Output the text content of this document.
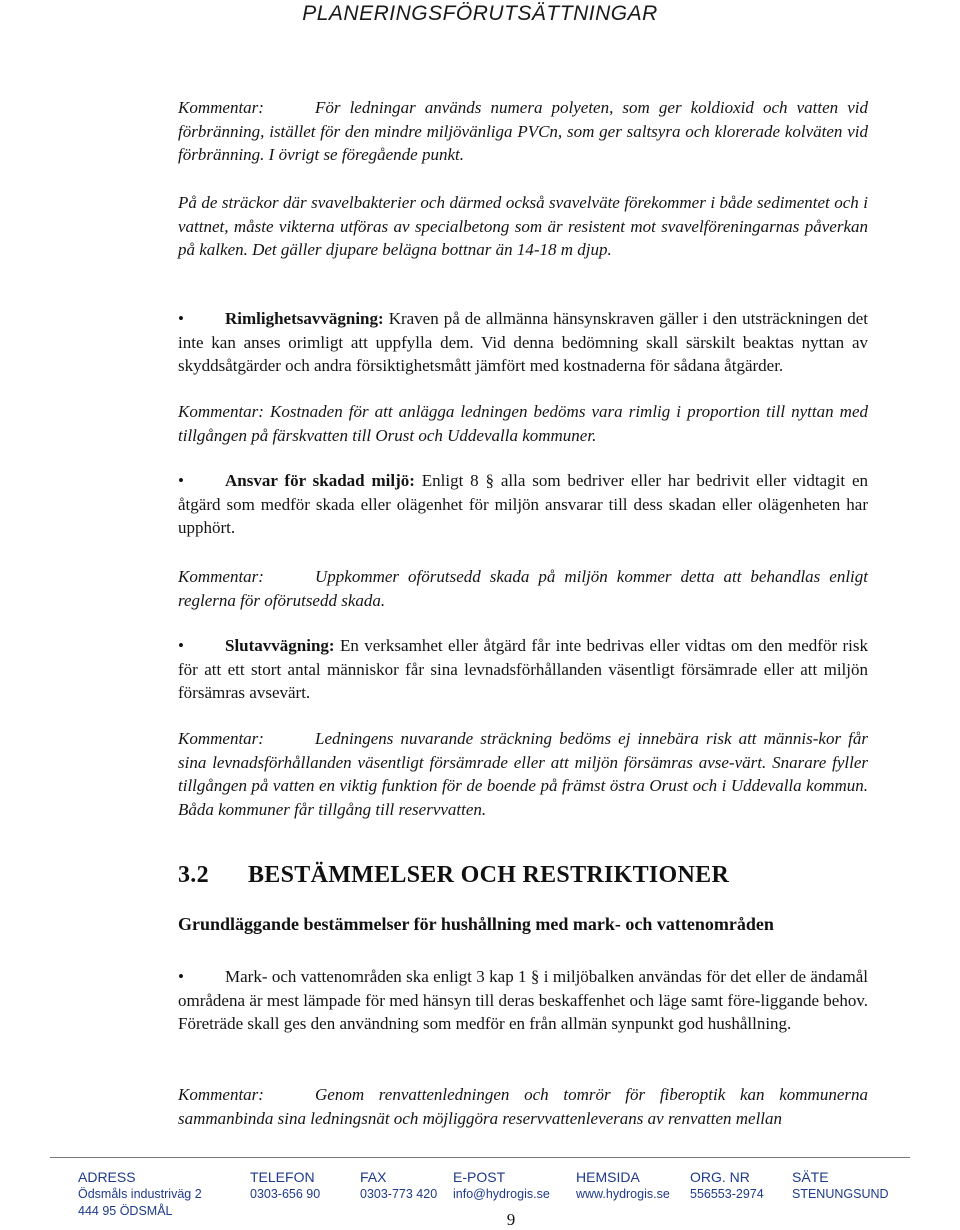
PLANERINGSFÖRUTSÄTTNINGAR

Kommentar:	För ledningar används numera polyeten, som ger koldioxid och vatten vid förbränning, istället för den mindre miljövänliga PVCn, som ger saltsyra och klorerade kolväten vid förbränning. I övrigt se föregående punkt.

På de sträckor där svavelbakterier och därmed också svavelväte förekommer i både sedimentet och i vattnet, måste vikterna utföras av specialbetong som är resistent mot svavelföreningarnas påverkan på kalken. Det gäller djupare belägna bottnar än 14-18 m djup.

• Rimlighetsavvägning: Kraven på de allmänna hänsynskraven gäller i den utsträckningen det inte kan anses orimligt att uppfylla dem. Vid denna bedömning skall särskilt beaktas nyttan av skyddsåtgärder och andra försiktighetsmått jämfört med kostnaderna för sådana åtgärder.

Kommentar: Kostnaden för att anlägga ledningen bedöms vara rimlig i proportion till nyttan med tillgången på färskvatten till Orust och Uddevalla kommuner.

• Ansvar för skadad miljö: Enligt 8 § alla som bedriver eller har bedrivit eller vidtagit en åtgärd som medför skada eller olägenhet för miljön ansvarar till dess skadan eller olägenheten har upphört.

Kommentar:	Uppkommer oförutsedd skada på miljön kommer detta att behandlas enligt reglerna för oförutsedd skada.

• Slutavvägning: En verksamhet eller åtgärd får inte bedrivas eller vidtas om den medför risk för att ett stort antal människor får sina levnadsförhållanden väsentligt försämrade eller att miljön försämras avsevärt.

Kommentar:	Ledningens nuvarande sträckning bedöms ej innebära risk att männis-kor får sina levnadsförhållanden väsentligt försämrade eller att miljön försämras avse-värt. Snarare fyller tillgången på vatten en viktig funktion för de boende på främst östra Orust och i Uddevalla kommun. Båda kommuner får tillgång till reservvatten.

3.2 BESTÄMMELSER OCH RESTRIKTIONER
Grundläggande bestämmelser för hushållning med mark- och vattenområden

• Mark- och vattenområden ska enligt 3 kap 1 § i miljöbalken användas för det eller de ändamål områdena är mest lämpade för med hänsyn till deras beskaffenhet och läge samt före-liggande behov. Företräde skall ges den användning som medför en från allmän synpunkt god hushållning.

Kommentar:	Genom renvattenledningen och tomrör för fiberoptik kan kommunerna sammanbinda sina ledningsnät och möjliggöra reservvattenleverans av renvatten mellan

ADRESS
Ödsmåls industriväg 2
444 95 ÖDSMÅL
TELEFON
0303-656 90
FAX
0303-773 420
E-POST
info@hydrogis.se
HEMSIDA
www.hydrogis.se
ORG. NR
556553-2974
SÄTE
STENUNGSUND
9
